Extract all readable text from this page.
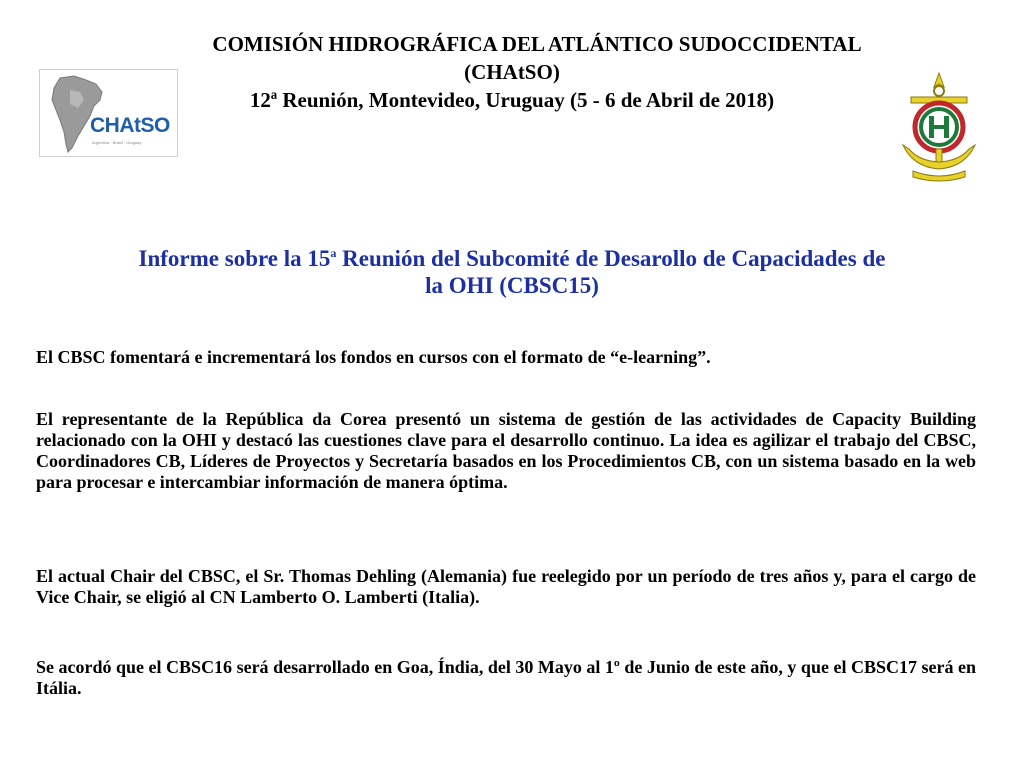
COMISIÓN HIDROGRÁFICA DEL ATLÁNTICO SUDOCCIDENTAL
(CHAtSO)
12ª Reunión, Montevideo, Uruguay (5 - 6 de Abril de 2018)
CHAtSO
Argentina · Brasil · Uruguay
Informe sobre la 15$^a$ Reunión del Subcomité de Desarollo de Capacidades de
la OHI (CBSC15)
El CBSC fomentará e incrementará los fondos en cursos con el formato de “e-learning”.
El representante de la República da Corea presentó un sistema de gestión de las actividades de Capacity Building relacionado con la OHI y destacó las cuestiones clave para el desarrollo continuo. La idea es agilizar el trabajo del CBSC, Coordinadores CB, Líderes de Proyectos y Secretaría basados en los Procedimientos CB, con un sistema basado en la web para procesar e intercambiar información de manera óptima.
El actual Chair del CBSC, el Sr. Thomas Dehling (Alemania) fue reelegido por un período de tres años y, para el cargo de Vice Chair, se eligió al CN Lamberto O. Lamberti (Italia).
Se acordó que el CBSC16 será desarrollado en Goa, Índia, del 30 Mayo al 1º de Junio de este año, y que el CBSC17 será en Itália.
